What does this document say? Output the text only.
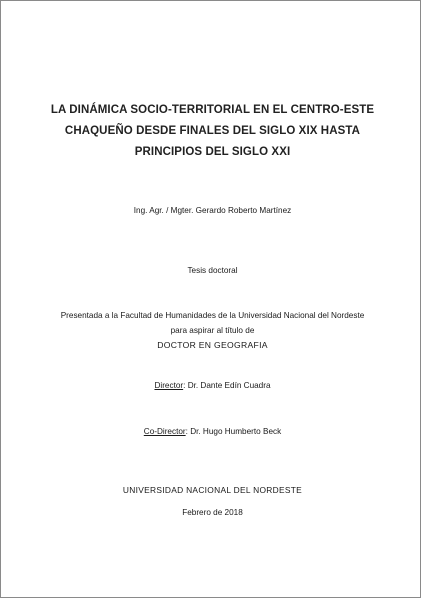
LA DINÁMICA SOCIO-TERRITORIAL EN EL CENTRO-ESTE
CHAQUEÑO DESDE FINALES DEL SIGLO XIX HASTA
PRINCIPIOS DEL SIGLO XXI
Ing. Agr. / Mgter. Gerardo Roberto Martínez
Tesis doctoral
Presentada a la Facultad de Humanidades de la Universidad Nacional del Nordeste
para aspirar al título de
DOCTOR EN GEOGRAFIA
Director: Dr. Dante Edín Cuadra
Co-Director: Dr. Hugo Humberto Beck
UNIVERSIDAD NACIONAL DEL NORDESTE
Febrero de 2018
